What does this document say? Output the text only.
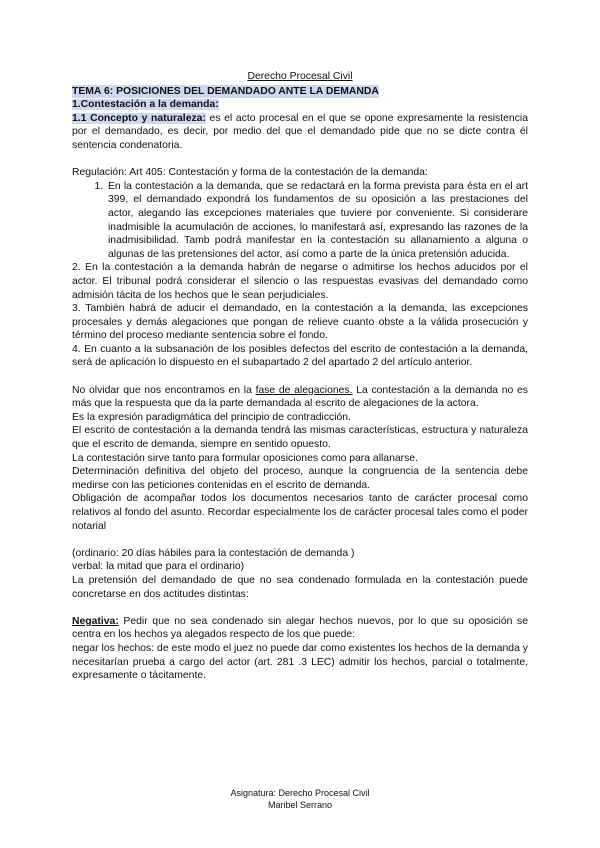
Derecho Procesal Civil
TEMA 6: POSICIONES DEL DEMANDADO ANTE LA DEMANDA
1.Contestación a la demanda:

1.1 Concepto y naturaleza: es el acto procesal en el que se opone expresamente la resistencia por el demandado, es decir, por medio del que el demandado pide que no se dicte contra él sentencia condenatoria.

Regulación: Art 405: Contestación y forma de la contestación de la demanda:

1. En la contestación a la demanda, que se redactará en la forma prevista para ésta en el art 399, el demandado expondrá los fundamentos de su oposición a las prestaciones del actor, alegando las excepciones materiales que tuviere por conveniente. Si considerare inadmisible la acumulación de acciones, lo manifestará así, expresando las razones de la inadmisibilidad. Tamb podrá manifestar en la contestación su allanamiento a alguna o algunas de las pretensiones del actor, así como a parte de la única pretensión aducida.

2. En la contestación a la demanda habrán de negarse o admitirse los hechos aducidos por el actor. El tribunal podrá considerar el silencio o las respuestas evasivas del demandado como admisión tácita de los hechos que le sean perjudiciales.

3. También habrá de aducir el demandado, en la contestación a la demanda, las excepciones procesales y demás alegaciones que pongan de relieve cuanto obste a la válida prosecución y término del proceso mediante sentencia sobre el fondo.

4. En cuanto a la subsanación de los posibles defectos del escrito de contestación a la demanda, será de aplicación lo dispuesto en el subapartado 2 del apartado 2 del artículo anterior.

No olvidar que nos encontramos en la fase de alegaciones. La contestación a la demanda no es más que la respuesta que da la parte demandada al escrito de alegaciones de la actora.

Es la expresión paradigmática del principio de contradicción.

El escrito de contestación a la demanda tendrá las mismas características, estructura y naturaleza que el escrito de demanda, siempre en sentido opuesto.

La contestación sirve tanto para formular oposiciones como para allanarse.

Determinación definitiva del objeto del proceso, aunque la congruencia de la sentencia debe medirse con las peticiones contenidas en el escrito de demanda.

Obligación de acompañar todos los documentos necesarios tanto de carácter procesal como relativos al fondo del asunto. Recordar especialmente los de carácter procesal tales como el poder notarial

(ordinario: 20 días hábiles para la contestación de demanda )

verbal: la mitad que para el ordinario)

La pretensión del demandado de que no sea condenado formulada en la contestación puede concretarse en dos actitudes distintas:

Negativa: Pedir que no sea condenado sin alegar hechos nuevos, por lo que su oposición se centra en los hechos ya alegados respecto de los que puede:

negar los hechos: de este modo el juez no puede dar como existentes los hechos de la demanda y necesitarían prueba a cargo del actor (art. 281 .3 LEC) admitir los hechos, parcial o totalmente, expresamente o tácitamente.

Asignatura: Derecho Procesal Civil
Maribel Serrano
